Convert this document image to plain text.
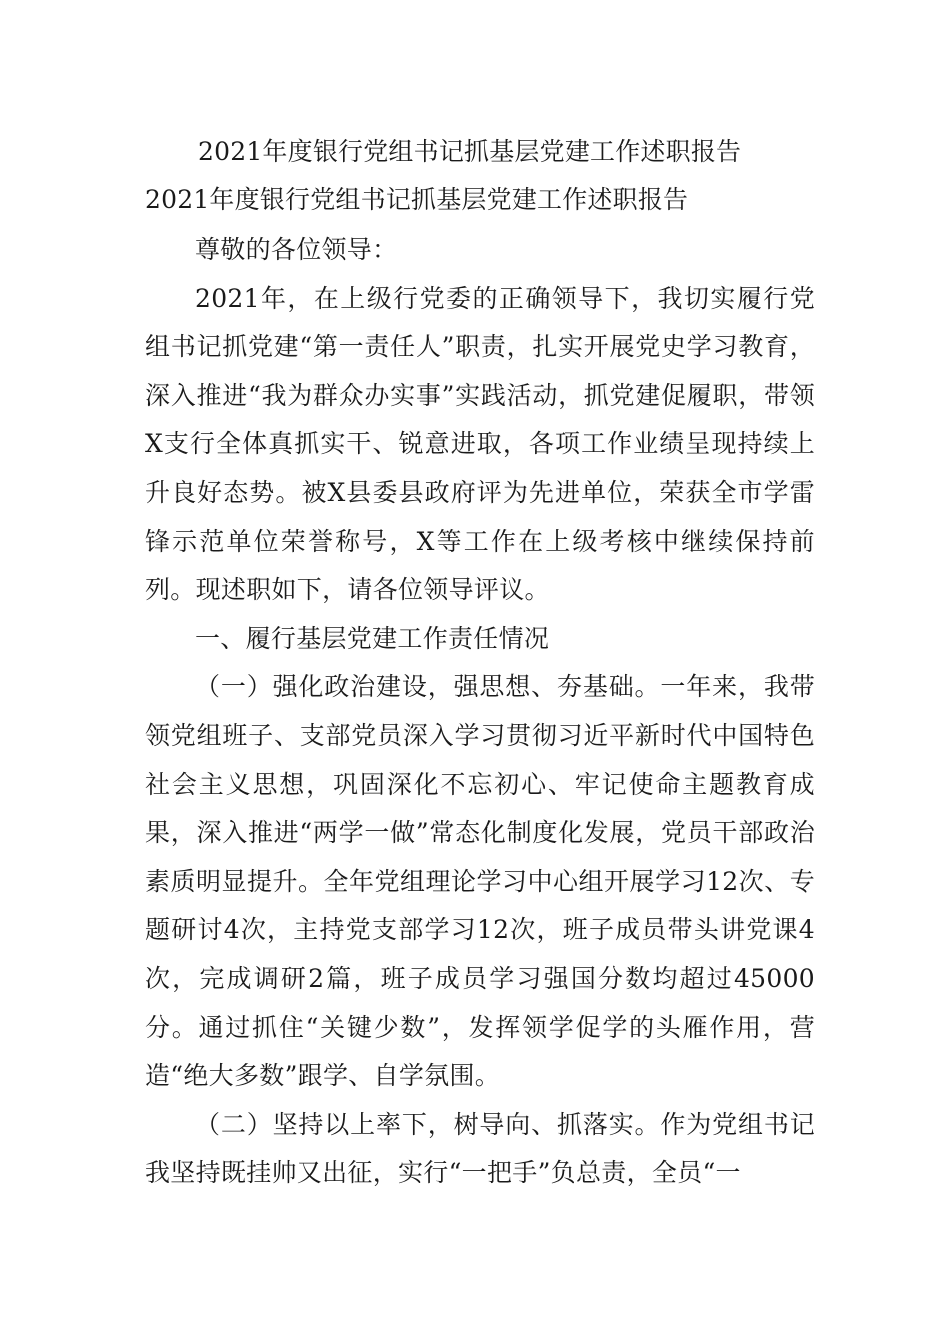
2021年度银行党组书记抓基层党建工作述职报告
2021年度银行党组书记抓基层党建工作述职报告

尊敬的各位领导：

2021年，在上级行党委的正确领导下，我切实履行党组书记抓党建“第一责任人”职责，扎实开展党史学习教育，深入推进“我为群众办实事”实践活动，抓党建促履职，带领X支行全体真抓实干、锐意进取，各项工作业绩呈现持续上升良好态势。被X县委县政府评为先进单位，荣获全市学雷锋示范单位荣誉称号，X等工作在上级考核中继续保持前列。现述职如下，请各位领导评议。

一、履行基层党建工作责任情况

（一）强化政治建设，强思想、夯基础。一年来，我带领党组班子、支部党员深入学习贯彻习近平新时代中国特色社会主义思想，巩固深化不忘初心、牢记使命主题教育成果，深入推进“两学一做”常态化制度化发展，党员干部政治素质明显提升。全年党组理论学习中心组开展学习12次、专题研讨4次，主持党支部学习12次，班子成员带头讲党课4次，完成调研2篇，班子成员学习强国分数均超过45000分。通过抓住“关键少数”，发挥领学促学的头雁作用，营造“绝大多数”跟学、自学氛围。

（二）坚持以上率下，树导向、抓落实。作为党组书记我坚持既挂帅又出征，实行“一把手”负总责，全员“一
